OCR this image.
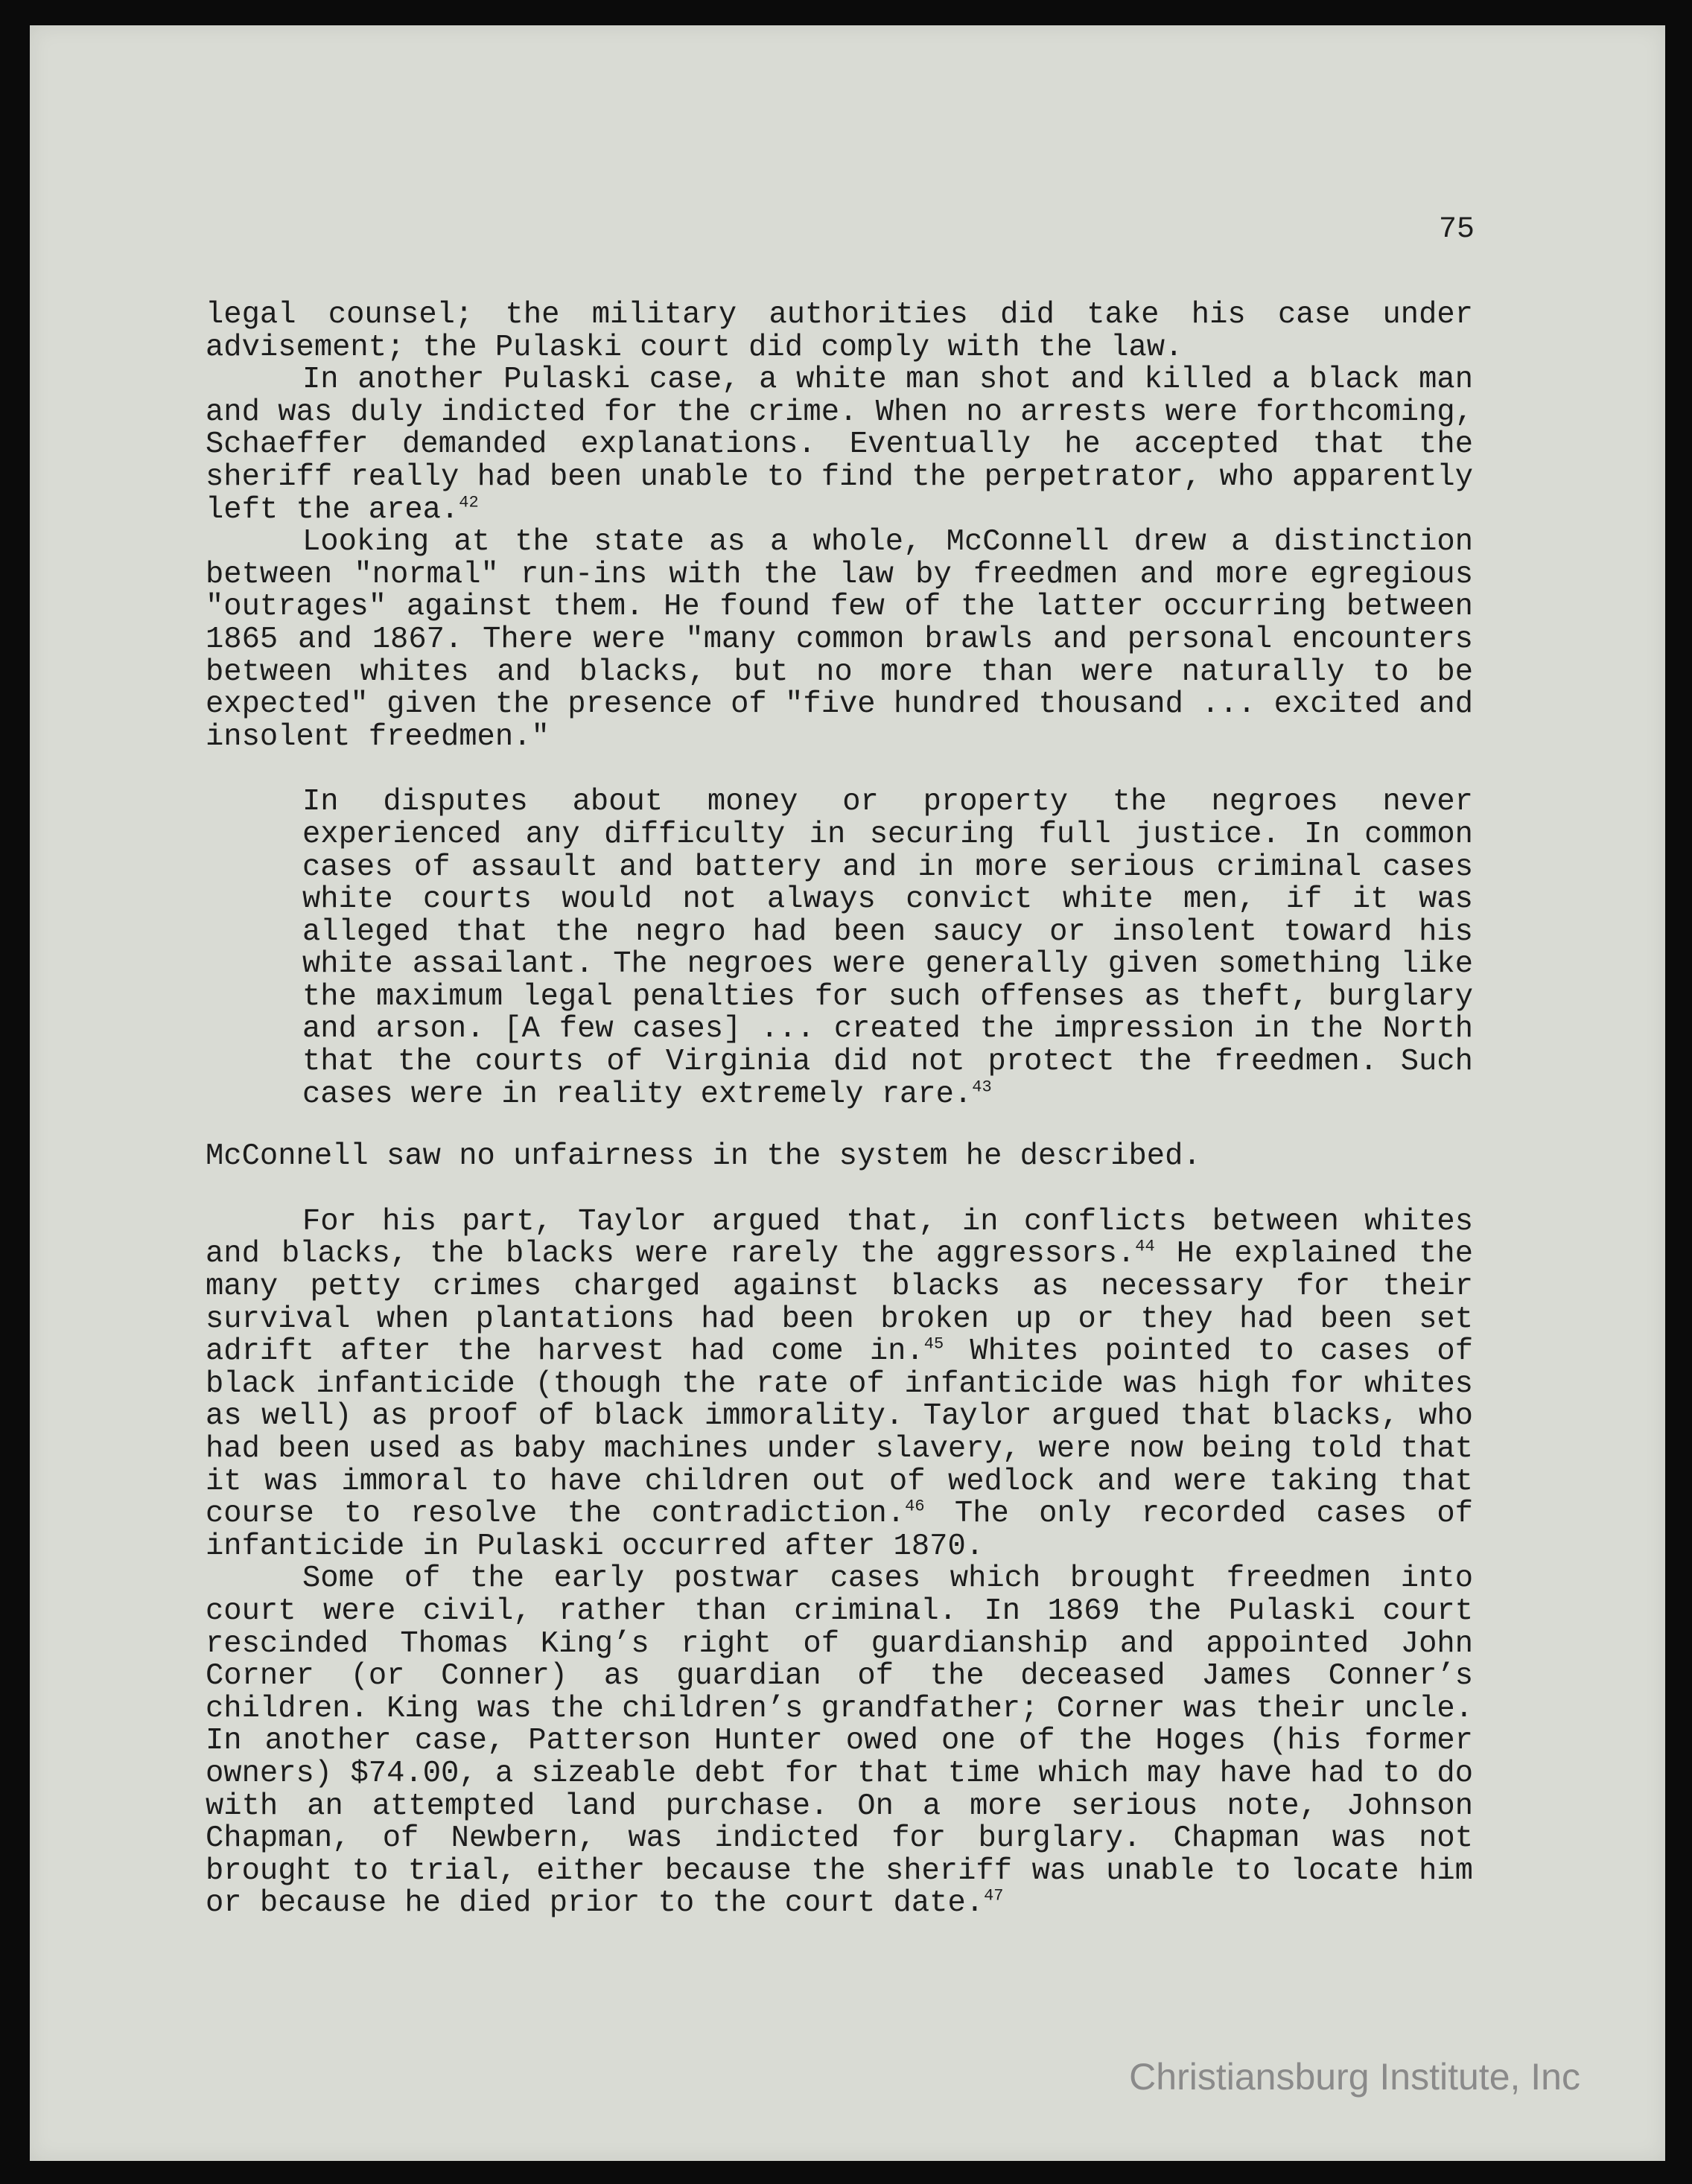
75

legal counsel; the military authorities did take his case under advisement; the Pulaski court did comply with the law.

In another Pulaski case, a white man shot and killed a black man and was duly indicted for the crime. When no arrests were forthcoming, Schaeffer demanded explanations. Eventually he accepted that the sheriff really had been unable to find the perpetrator, who apparently left the area.$^{42}$

Looking at the state as a whole, McConnell drew a distinction between "normal" run-ins with the law by freedmen and more egregious "outrages" against them. He found few of the latter occurring between 1865 and 1867. There were "many common brawls and personal encounters between whites and blacks, but no more than were naturally to be expected" given the presence of "five hundred thousand ... excited and insolent freedmen."

In disputes about money or property the negroes never experienced any difficulty in securing full justice. In common cases of assault and battery and in more serious criminal cases white courts would not always convict white men, if it was alleged that the negro had been saucy or insolent toward his white assailant. The negroes were generally given something like the maximum legal penalties for such offenses as theft, burglary and arson. [A few cases] ... created the impression in the North that the courts of Virginia did not protect the freedmen. Such cases were in reality extremely rare.$^{43}$

McConnell saw no unfairness in the system he described.

For his part, Taylor argued that, in conflicts between whites and blacks, the blacks were rarely the aggressors.$^{44}$ He explained the many petty crimes charged against blacks as necessary for their survival when plantations had been broken up or they had been set adrift after the harvest had come in.$^{45}$ Whites pointed to cases of black infanticide (though the rate of infanticide was high for whites as well) as proof of black immorality. Taylor argued that blacks, who had been used as baby machines under slavery, were now being told that it was immoral to have children out of wedlock and were taking that course to resolve the contradiction.$^{46}$ The only recorded cases of infanticide in Pulaski occurred after 1870.

Some of the early postwar cases which brought freedmen into court were civil, rather than criminal. In 1869 the Pulaski court rescinded Thomas King’s right of guardianship and appointed John Corner (or Conner) as guardian of the deceased James Conner’s children. King was the children’s grandfather; Corner was their uncle. In another case, Patterson Hunter owed one of the Hoges (his former owners) $74.00, a sizeable debt for that time which may have had to do with an attempted land purchase. On a more serious note, Johnson Chapman, of Newbern, was indicted for burglary. Chapman was not brought to trial, either because the sheriff was unable to locate him or because he died prior to the court date.$^{47}$

Christiansburg Institute, Inc
